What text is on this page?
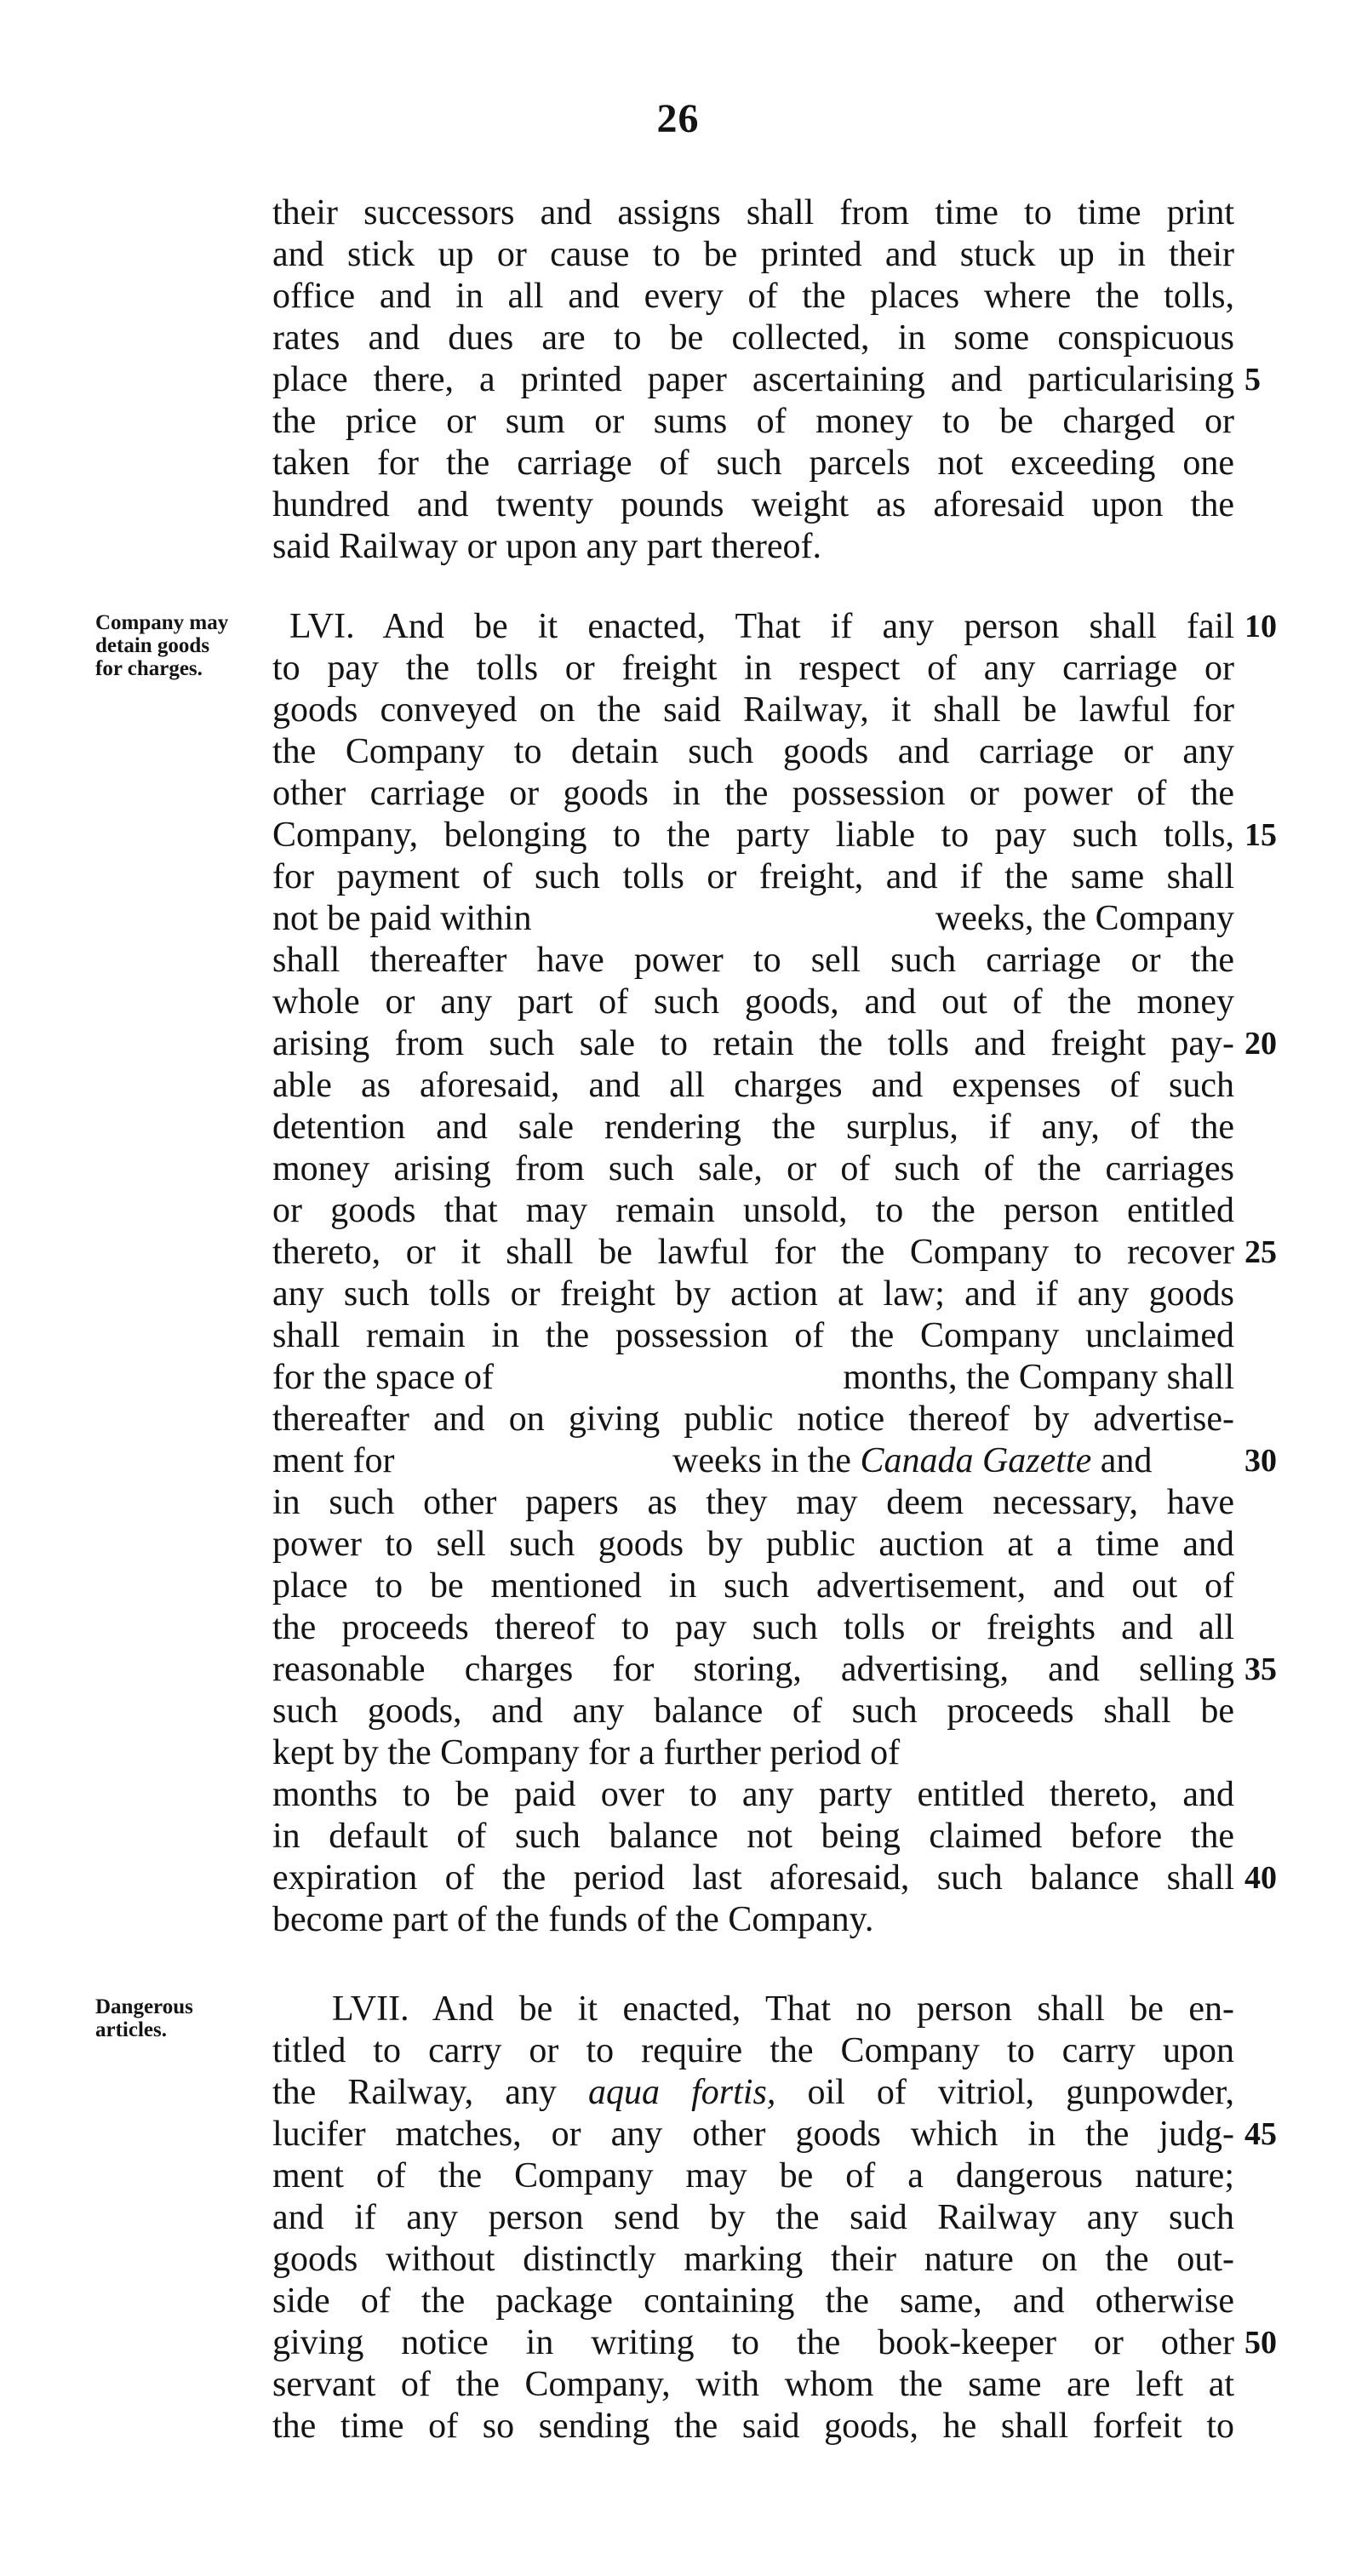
26
their successors and assigns shall from time to time print
and stick up or cause to be printed and stuck up in their
office and in all and every of the places where the tolls,
rates and dues are to be collected, in some conspicuous
place there, a printed paper ascertaining and particularising
the price or sum or sums of money to be charged or
taken for the carriage of such parcels not exceeding one
hundred and twenty pounds weight as aforesaid upon the
said Railway or upon any part thereof.
Company may
detain goods
for charges.
LVI. And be it enacted, That if any person shall fail
to pay the tolls or freight in respect of any carriage or
goods conveyed on the said Railway, it shall be lawful for
the Company to detain such goods and carriage or any
other carriage or goods in the possession or power of the
Company, belonging to the party liable to pay such tolls,
for payment of such tolls or freight, and if the same shall
not be paid within	weeks, the Company
shall thereafter have power to sell such carriage or the
whole or any part of such goods, and out of the money
arising from such sale to retain the tolls and freight pay-
able as aforesaid, and all charges and expenses of such
detention and sale rendering the surplus, if any, of the
money arising from such sale, or of such of the carriages
or goods that may remain unsold, to the person entitled
thereto, or it shall be lawful for the Company to recover
any such tolls or freight by action at law; and if any goods
shall remain in the possession of the Company unclaimed
for the space of	months, the Company shall
thereafter and on giving public notice thereof by advertise-
ment for	weeks in the Canada Gazette and
in such other papers as they may deem necessary, have
power to sell such goods by public auction at a time and
place to be mentioned in such advertisement, and out of
the proceeds thereof to pay such tolls or freights and all
reasonable charges for storing, advertising, and selling
such goods, and any balance of such proceeds shall be
kept by the Company for a further period of
months to be paid over to any party entitled thereto, and
in default of such balance not being claimed before the
expiration of the period last aforesaid, such balance shall
become part of the funds of the Company.
Dangerous
articles.
LVII. And be it enacted, That no person shall be en-
titled to carry or to require the Company to carry upon
the Railway, any aqua fortis, oil of vitriol, gunpowder,
lucifer matches, or any other goods which in the judg-
ment of the Company may be of a dangerous nature;
and if any person send by the said Railway any such
goods without distinctly marking their nature on the out-
side of the package containing the same, and otherwise
giving notice in writing to the book-keeper or other
servant of the Company, with whom the same are left at
the time of so sending the said goods, he shall forfeit to
5
10
15
20
25
30
35
40
45
50
